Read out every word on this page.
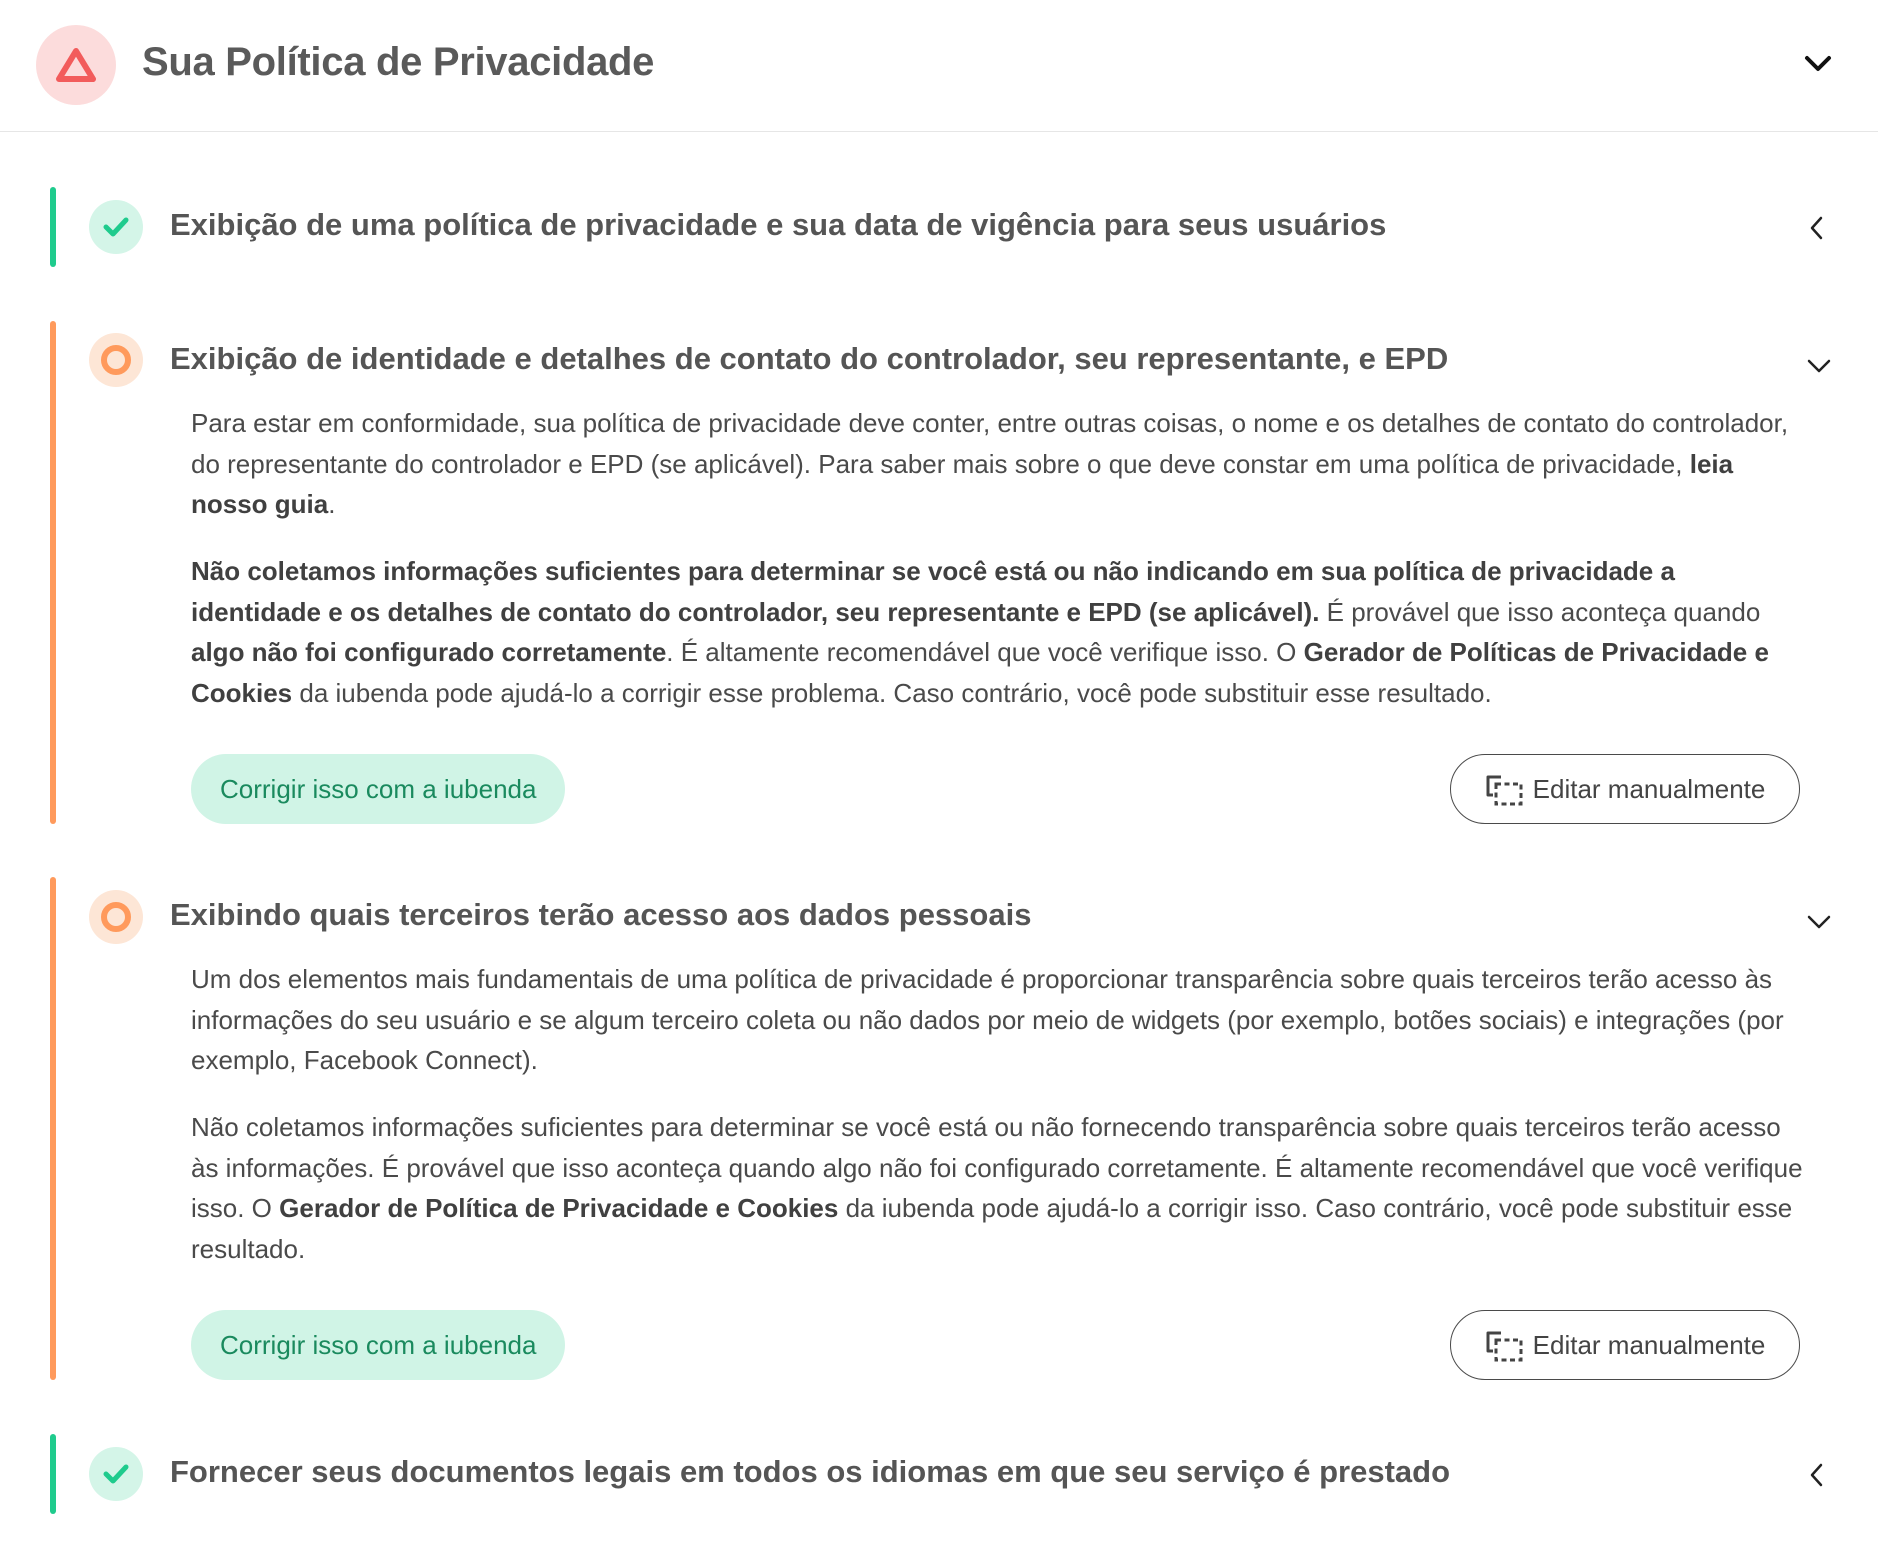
Sua Política de Privacidade
Exibição de uma política de privacidade e sua data de vigência para seus usuários
Exibição de identidade e detalhes de contato do controlador, seu representante, e EPD

Para estar em conformidade, sua política de privacidade deve conter, entre outras coisas, o nome e os detalhes de contato do controlador, do representante do controlador e EPD (se aplicável). Para saber mais sobre o que deve constar em uma política de privacidade, leia nosso guia.

Não coletamos informações suficientes para determinar se você está ou não indicando em sua política de privacidade a identidade e os detalhes de contato do controlador, seu representante e EPD (se aplicável). É provável que isso aconteça quando algo não foi configurado corretamente. É altamente recomendável que você verifique isso. O Gerador de Políticas de Privacidade e Cookies da iubenda pode ajudá-lo a corrigir esse problema. Caso contrário, você pode substituir esse resultado.

Corrigir isso com a iubenda	Editar manualmente
Exibindo quais terceiros terão acesso aos dados pessoais

Um dos elementos mais fundamentais de uma política de privacidade é proporcionar transparência sobre quais terceiros terão acesso às informações do seu usuário e se algum terceiro coleta ou não dados por meio de widgets (por exemplo, botões sociais) e integrações (por exemplo, Facebook Connect).

Não coletamos informações suficientes para determinar se você está ou não fornecendo transparência sobre quais terceiros terão acesso às informações. É provável que isso aconteça quando algo não foi configurado corretamente. É altamente recomendável que você verifique isso. O Gerador de Política de Privacidade e Cookies da iubenda pode ajudá-lo a corrigir isso. Caso contrário, você pode substituir esse resultado.

Corrigir isso com a iubenda	Editar manualmente
Fornecer seus documentos legais em todos os idiomas em que seu serviço é prestado
